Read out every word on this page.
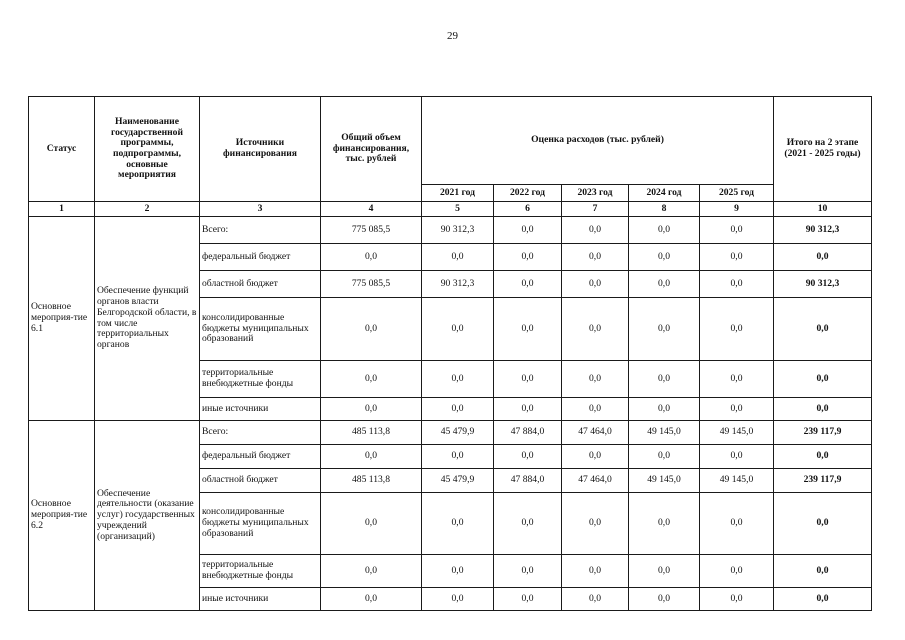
29
Статус	Наименование государственной программы, подпрограммы, основные мероприятия	Источники финансирования	Общий объем финансирования, тыс. рублей	Оценка расходов (тыс. рублей)					Итого на 2 этапе (2021 - 2025 годы)
				2021 год	2022 год	2023 год	2024 год	2025 год	
1	2	3	4	5	6	7	8	9	10
Основное мероприя-тие 6.1	Обеспечение функций органов власти Белгородской области, в том числе территориальных органов	Всего:	775 085,5	90 312,3	0,0	0,0	0,0	0,0	90 312,3
		федеральный бюджет	0,0	0,0	0,0	0,0	0,0	0,0	0,0
		областной бюджет	775 085,5	90 312,3	0,0	0,0	0,0	0,0	90 312,3
		консолидированные бюджеты муниципальных образований	0,0	0,0	0,0	0,0	0,0	0,0	0,0
		территориальные внебюджетные фонды	0,0	0,0	0,0	0,0	0,0	0,0	0,0
		иные источники	0,0	0,0	0,0	0,0	0,0	0,0	0,0
Основное мероприя-тие 6.2	Обеспечение деятельности (оказание услуг) государственных учреждений (организаций)	Всего:	485 113,8	45 479,9	47 884,0	47 464,0	49 145,0	49 145,0	239 117,9
		федеральный бюджет	0,0	0,0	0,0	0,0	0,0	0,0	0,0
		областной бюджет	485 113,8	45 479,9	47 884,0	47 464,0	49 145,0	49 145,0	239 117,9
		консолидированные бюджеты муниципальных образований	0,0	0,0	0,0	0,0	0,0	0,0	0,0
		территориальные внебюджетные фонды	0,0	0,0	0,0	0,0	0,0	0,0	0,0
		иные источники	0,0	0,0	0,0	0,0	0,0	0,0	0,0
